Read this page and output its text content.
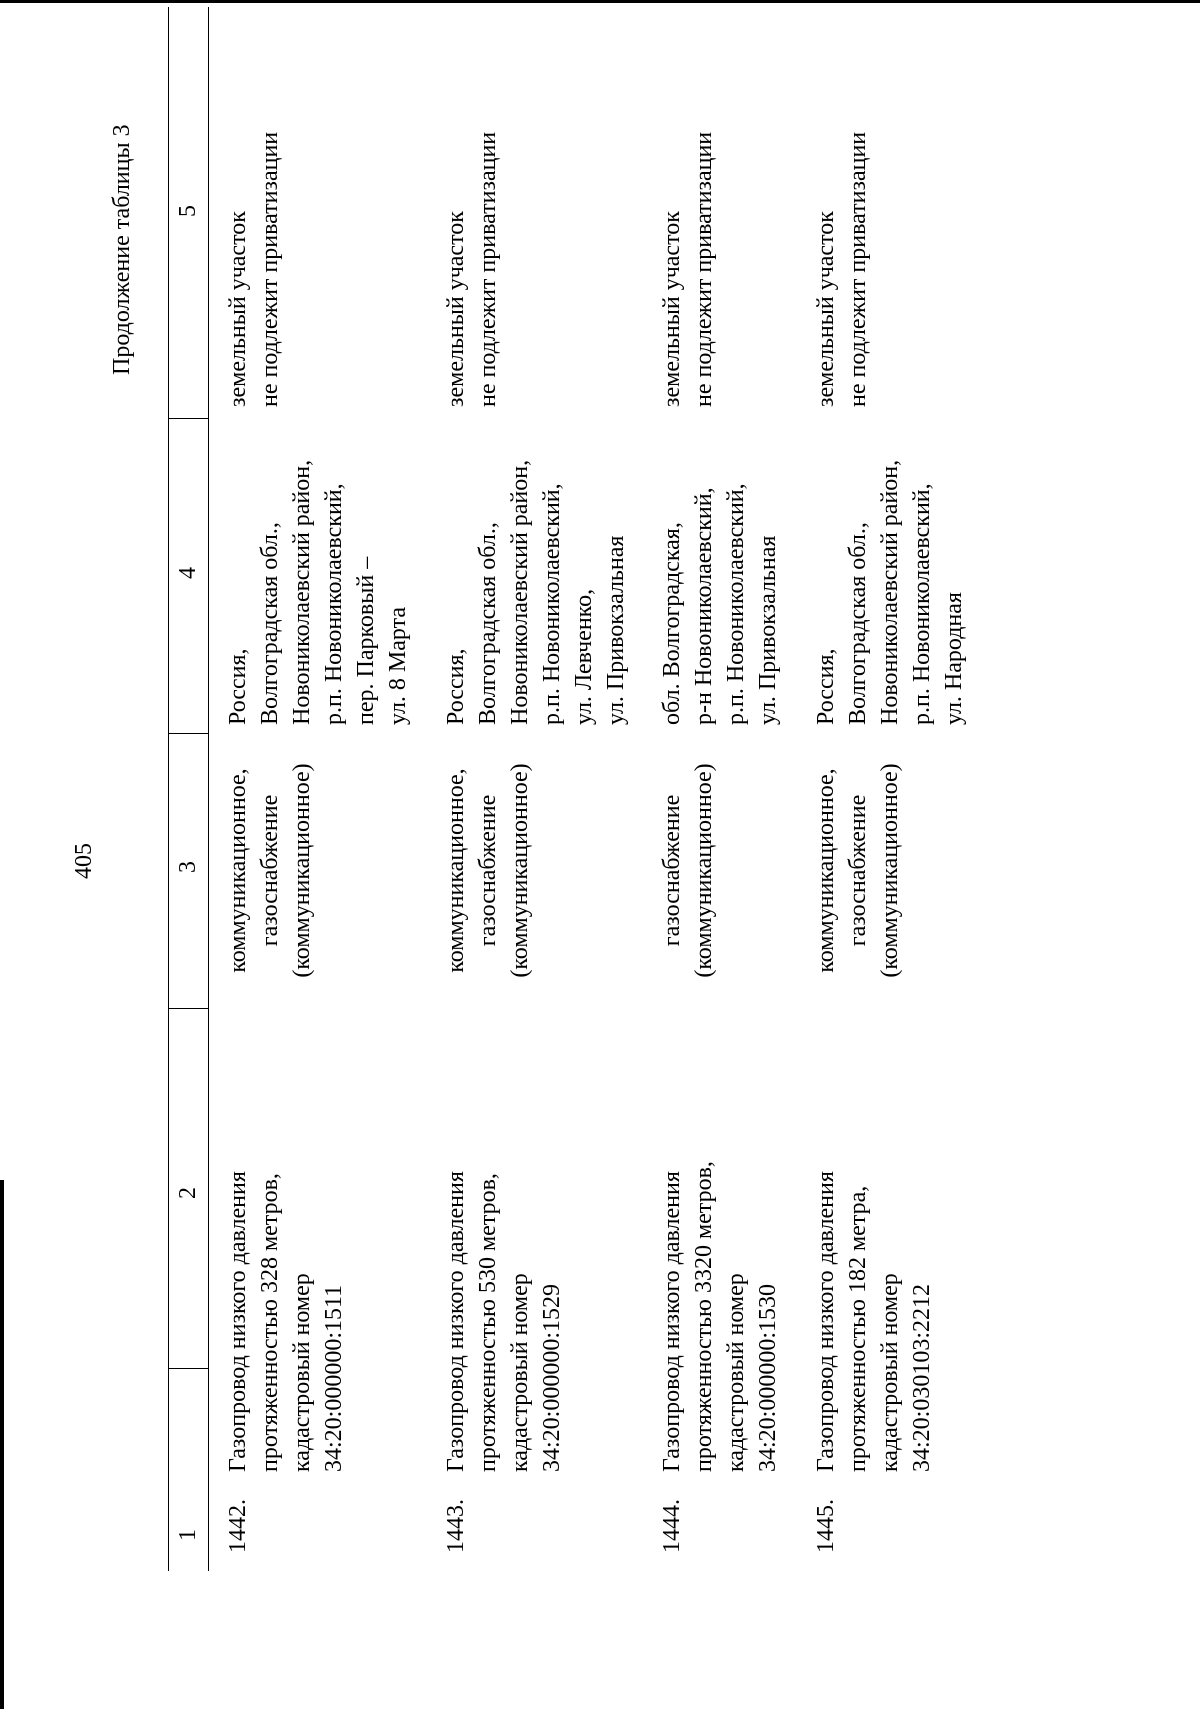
405
Продолжение таблицы 3
1
2
3
4
5
1442.
Газопровод низкого давления протяженностью 328 метров, кадастровый номер 34:20:000000:1511
коммуникационное, газоснабжение (коммуникационное)
Россия, Волгоградская обл., Новониколаевский район, р.п. Новониколаевский, пер. Парковый – ул. 8 Марта
земельный участок не подлежит приватизации
1443.
Газопровод низкого давления протяженностью 530 метров, кадастровый номер 34:20:000000:1529
коммуникационное, газоснабжение (коммуникационное)
Россия, Волгоградская обл., Новониколаевский район, р.п. Новониколаевский, ул. Левченко, ул. Привокзальная
земельный участок не подлежит приватизации
1444.
Газопровод низкого давления протяженностью 3320 метров, кадастровый номер 34:20:000000:1530
газоснабжение (коммуникационное)
обл. Волгоградская, р-н Новониколаевский, р.п. Новониколаевский, ул. Привокзальная
земельный участок не подлежит приватизации
1445.
Газопровод низкого давления протяженностью 182 метра, кадастровый номер 34:20:030103:2212
коммуникационное, газоснабжение (коммуникационное)
Россия, Волгоградская обл., Новониколаевский район, р.п. Новониколаевский, ул. Народная
земельный участок не подлежит приватизации
